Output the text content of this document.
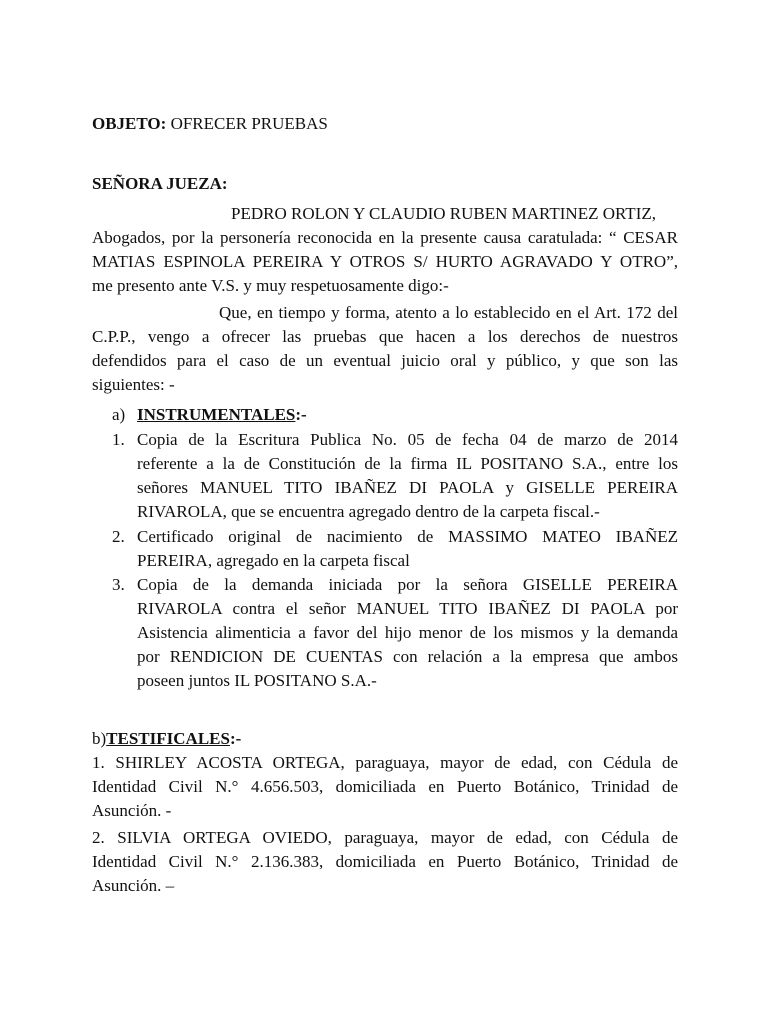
OBJETO: OFRECER PRUEBAS
SEÑORA JUEZA:
PEDRO ROLON Y CLAUDIO RUBEN MARTINEZ ORTIZ,
Abogados, por la personería reconocida en la presente causa caratulada: “ CESAR
MATIAS ESPINOLA PEREIRA Y OTROS S/ HURTO AGRAVADO Y OTRO”,
me presento ante V.S. y muy respetuosamente digo:-
Que, en tiempo y forma, atento a lo establecido en el Art. 172 del
C.P.P., vengo a ofrecer las pruebas que hacen a los derechos de nuestros
defendidos para el caso de un eventual juicio oral y público, y que son las
siguientes: -
a) INSTRUMENTALES:-
1. Copia de la Escritura Publica No. 05 de fecha 04 de marzo de 2014
referente a la de Constitución de la firma IL POSITANO S.A., entre los
señores MANUEL TITO IBAÑEZ DI PAOLA y GISELLE PEREIRA
RIVAROLA, que se encuentra agregado dentro de la carpeta fiscal.-
2. Certificado original de nacimiento de MASSIMO MATEO IBAÑEZ
PEREIRA, agregado en la carpeta fiscal
3. Copia de la demanda iniciada por la señora GISELLE PEREIRA
RIVAROLA contra el señor MANUEL TITO IBAÑEZ DI PAOLA por
Asistencia alimenticia a favor del hijo menor de los mismos y la demanda
por RENDICION DE CUENTAS con relación a la empresa que ambos
poseen juntos IL POSITANO S.A.-
b)TESTIFICALES:-
1. SHIRLEY ACOSTA ORTEGA, paraguaya, mayor de edad, con Cédula de
Identidad Civil N.° 4.656.503, domiciliada en Puerto Botánico, Trinidad de
Asunción. -
2. SILVIA ORTEGA OVIEDO, paraguaya, mayor de edad, con Cédula de
Identidad Civil N.° 2.136.383, domiciliada en Puerto Botánico, Trinidad de
Asunción. –
